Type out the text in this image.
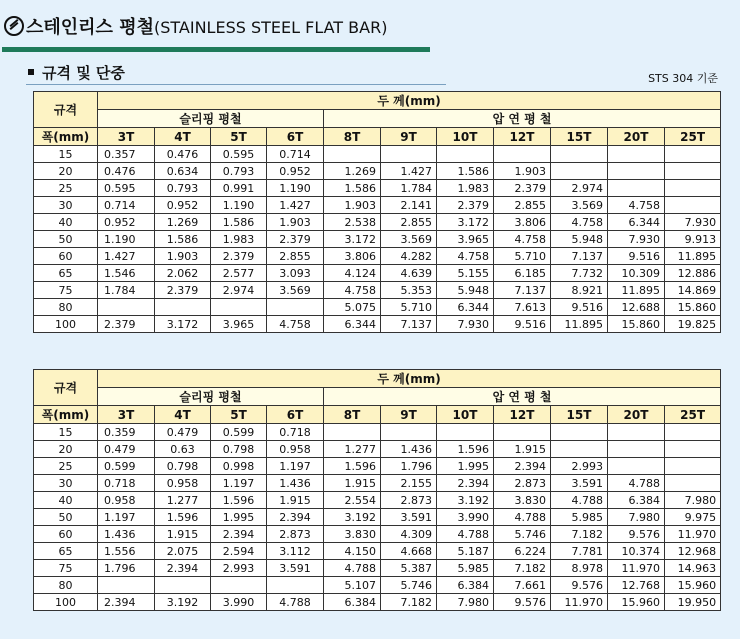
스테인리스 평철(STAINLESS STEEL FLAT BAR)
규격 및 단중	STS 304 기준
규격	두 께(mm)										
	슬리핑 평철				압 연 평 철						
폭(mm)	3T	4T	5T	6T	8T	9T	10T	12T	15T	20T	25T
15	0.357	0.476	0.595	0.714							
20	0.476	0.634	0.793	0.952	1.269	1.427	1.586	1.903			
25	0.595	0.793	0.991	1.190	1.586	1.784	1.983	2.379	2.974		
30	0.714	0.952	1.190	1.427	1.903	2.141	2.379	2.855	3.569	4.758	
40	0.952	1.269	1.586	1.903	2.538	2.855	3.172	3.806	4.758	6.344	7.930
50	1.190	1.586	1.983	2.379	3.172	3.569	3.965	4.758	5.948	7.930	9.913
60	1.427	1.903	2.379	2.855	3.806	4.282	4.758	5.710	7.137	9.516	11.895
65	1.546	2.062	2.577	3.093	4.124	4.639	5.155	6.185	7.732	10.309	12.886
75	1.784	2.379	2.974	3.569	4.758	5.353	5.948	7.137	8.921	11.895	14.869
80					5.075	5.710	6.344	7.613	9.516	12.688	15.860
100	2.379	3.172	3.965	4.758	6.344	7.137	7.930	9.516	11.895	15.860	19.825
규격	두 께(mm)										
	슬리핑 평철				압 연 평 철						
폭(mm)	3T	4T	5T	6T	8T	9T	10T	12T	15T	20T	25T
15	0.359	0.479	0.599	0.718							
20	0.479	0.63	0.798	0.958	1.277	1.436	1.596	1.915			
25	0.599	0.798	0.998	1.197	1.596	1.796	1.995	2.394	2.993		
30	0.718	0.958	1.197	1.436	1.915	2.155	2.394	2.873	3.591	4.788	
40	0.958	1.277	1.596	1.915	2.554	2.873	3.192	3.830	4.788	6.384	7.980
50	1.197	1.596	1.995	2.394	3.192	3.591	3.990	4.788	5.985	7.980	9.975
60	1.436	1.915	2.394	2.873	3.830	4.309	4.788	5.746	7.182	9.576	11.970
65	1.556	2.075	2.594	3.112	4.150	4.668	5.187	6.224	7.781	10.374	12.968
75	1.796	2.394	2.993	3.591	4.788	5.387	5.985	7.182	8.978	11.970	14.963
80					5.107	5.746	6.384	7.661	9.576	12.768	15.960
100	2.394	3.192	3.990	4.788	6.384	7.182	7.980	9.576	11.970	15.960	19.950
